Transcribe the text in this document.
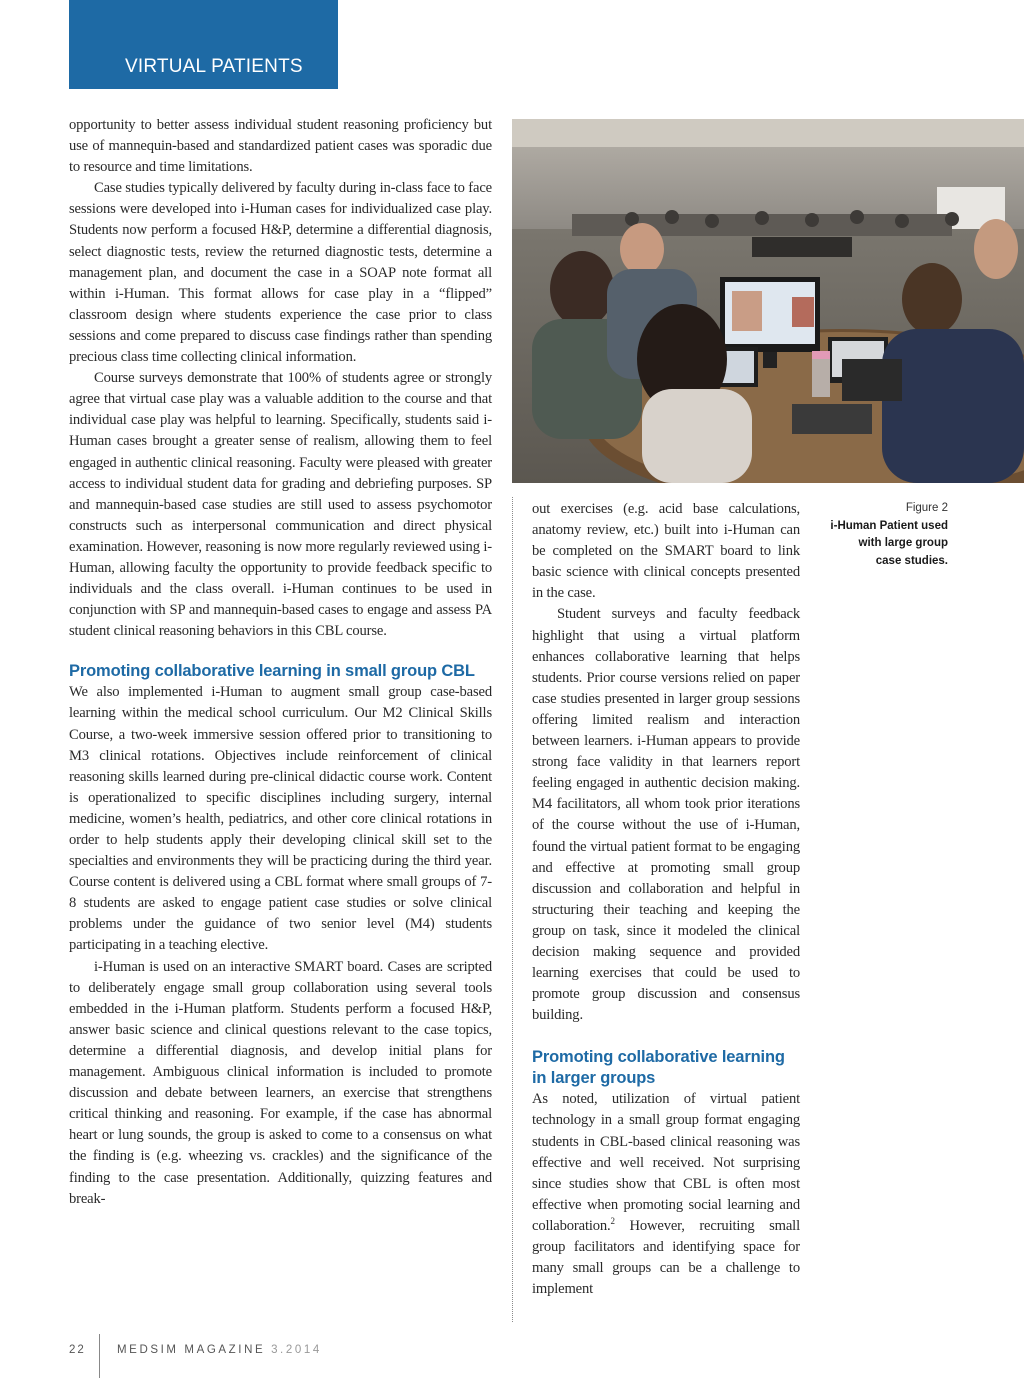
VIRTUAL PATIENTS

opportunity to better assess individual student reasoning proficiency but use of mannequin-based and standardized patient cases was sporadic due to resource and time limitations.

Case studies typically delivered by faculty during in-class face to face sessions were developed into i-Human cases for individualized case play. Students now perform a focused H&P, determine a differential diagnosis, select diagnostic tests, review the returned diagnostic tests, determine a management plan, and document the case in a SOAP note format all within i-Human. This format allows for case play in a “flipped” classroom design where students experience the case prior to class sessions and come prepared to discuss case findings rather than spending precious class time collecting clinical information.

Course surveys demonstrate that 100% of students agree or strongly agree that virtual case play was a valuable addition to the course and that individual case play was helpful to learning. Specifically, students said i-Human cases brought a greater sense of realism, allowing them to feel engaged in authentic clinical reasoning. Faculty were pleased with greater access to individual student data for grading and debriefing purposes. SP and mannequin-based case studies are still used to assess psychomotor constructs such as interpersonal communication and direct physical examination. However, reasoning is now more regularly reviewed using i-Human, allowing faculty the opportunity to provide feedback specific to individuals and the class overall. i-Human continues to be used in conjunction with SP and mannequin-based cases to engage and assess PA student clinical reasoning behaviors in this CBL course.

Promoting collaborative learning in small group CBL

We also implemented i-Human to augment small group case-based learning within the medical school curriculum. Our M2 Clinical Skills Course, a two-week immersive session offered prior to transitioning to M3 clinical rotations. Objectives include reinforcement of clinical reasoning skills learned during pre-clinical didactic course work. Content is operationalized to specific disciplines including surgery, internal medicine, women’s health, pediatrics, and other core clinical rotations in order to help students apply their developing clinical skill set to the specialties and environments they will be practicing during the third year. Course content is delivered using a CBL format where small groups of 7-8 students are asked to engage patient case studies or solve clinical problems under the guidance of two senior level (M4) students participating in a teaching elective.

i-Human is used on an interactive SMART board. Cases are scripted to deliberately engage small group collaboration using several tools embedded in the i-Human platform. Students perform a focused H&P, answer basic science and clinical questions relevant to the case topics, determine a differential diagnosis, and develop initial plans for management. Ambiguous clinical information is included to promote discussion and debate between learners, an exercise that strengthens critical thinking and reasoning. For example, if the case has abnormal heart or lung sounds, the group is asked to come to a consensus on what the finding is (e.g. wheezing vs. crackles) and the significance of the finding to the case presentation. Additionally, quizzing features and break-

out exercises (e.g. acid base calculations, anatomy review, etc.) built into i-Human can be completed on the SMART board to link basic science with clinical concepts presented in the case.

Student surveys and faculty feedback highlight that using a virtual platform enhances collaborative learning that helps students. Prior course versions relied on paper case studies presented in larger group sessions offering limited realism and interaction between learners. i-Human appears to provide strong face validity in that learners report feeling engaged in authentic decision making. M4 facilitators, all whom took prior iterations of the course without the use of i-Human, found the virtual patient format to be engaging and effective at promoting small group discussion and collaboration and helpful in structuring their teaching and keeping the group on task, since it modeled the clinical decision making sequence and provided learning exercises that could be used to promote group discussion and consensus building.

Promoting collaborative learning in larger groups

As noted, utilization of virtual patient technology in a small group format engaging students in CBL-based clinical reasoning was effective and well received. Not surprising since studies show that CBL is often most effective when promoting social learning and collaboration.$^2$ However, recruiting small group facilitators and identifying space for many small groups can be a challenge to implement

Figure 2
i-Human Patient used with large group case studies.
22	MEDSIM MAGAZINE 3.2014
